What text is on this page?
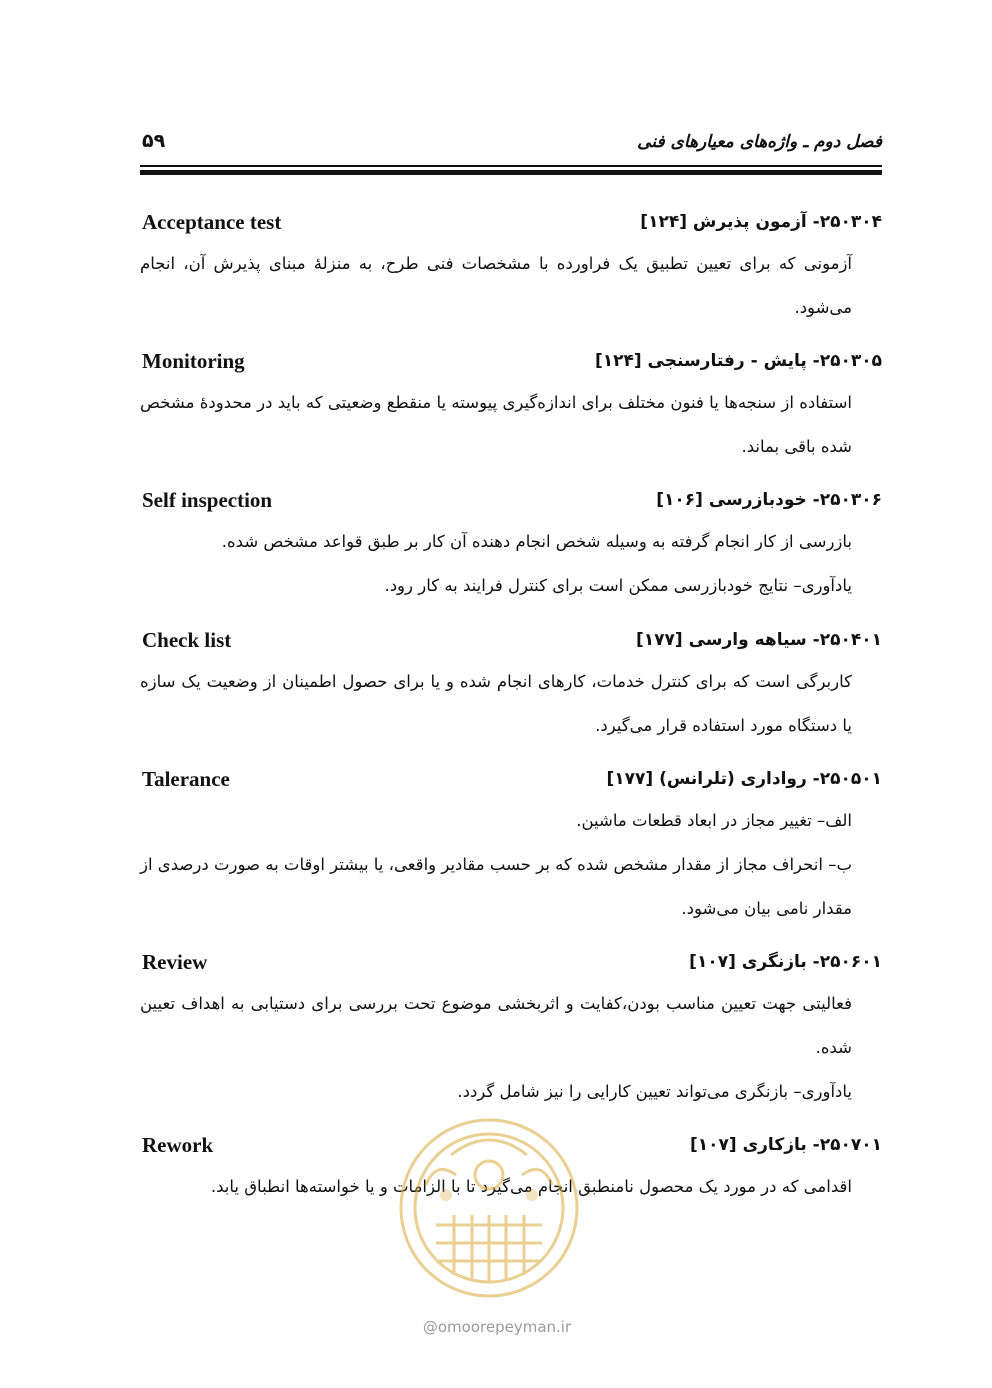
فصل دوم ـ واژه‌های معیارهای فنی
۵۹
۲۵۰۳۰۴- آزمون پذیرش [۱۲۴]
Acceptance test

آزمونی که برای تعیین تطبیق یک فراورده با مشخصات فنی طرح، به منزلهٔ مبنای پذیرش آن، انجام می‌شود.

۲۵۰۳۰۵- پایش - رفتارسنجی [۱۲۴]
Monitoring

استفاده از سنجه‌ها یا فنون مختلف برای اندازه‌گیری پیوسته یا منقطع وضعیتی که باید در محدودهٔ مشخص شده باقی بماند.

۲۵۰۳۰۶- خودبازرسی [۱۰۶]
Self inspection

بازرسی از کار انجام گرفته به وسیله شخص انجام دهنده آن کار بر طبق قواعد مشخص شده.

یادآوری– نتایج خودبازرسی ممکن است برای کنترل فرایند به کار رود.

۲۵۰۴۰۱- سیاهه وارسی [۱۷۷]
Check list

کاربرگی است که برای کنترل خدمات، کارهای انجام شده و یا برای حصول اطمینان از وضعیت یک سازه یا دستگاه مورد استفاده قرار می‌گیرد.

۲۵۰۵۰۱- رواداری (تلرانس) [۱۷۷]
Talerance

الف– تغییر مجاز در ابعاد قطعات ماشین.

ب– انحراف مجاز از مقدار مشخص شده که بر حسب مقادیر واقعی، یا بیشتر اوقات به صورت درصدی از مقدار نامی بیان می‌شود.

۲۵۰۶۰۱- بازنگری [۱۰۷]
Review

فعالیتی جهت تعیین مناسب بودن،کفایت و اثربخشی موضوع تحت بررسی برای دستیابی به اهداف تعیین شده.

یادآوری– بازنگری می‌تواند تعیین کارایی را نیز شامل گردد.

۲۵۰۷۰۱- بازکاری [۱۰۷]
Rework

اقدامی که در مورد یک محصول نامنطبق انجام می‌گیرد تا با الزامات و یا خواسته‌ها انطباق یابد.

@omoorepeyman.ir
